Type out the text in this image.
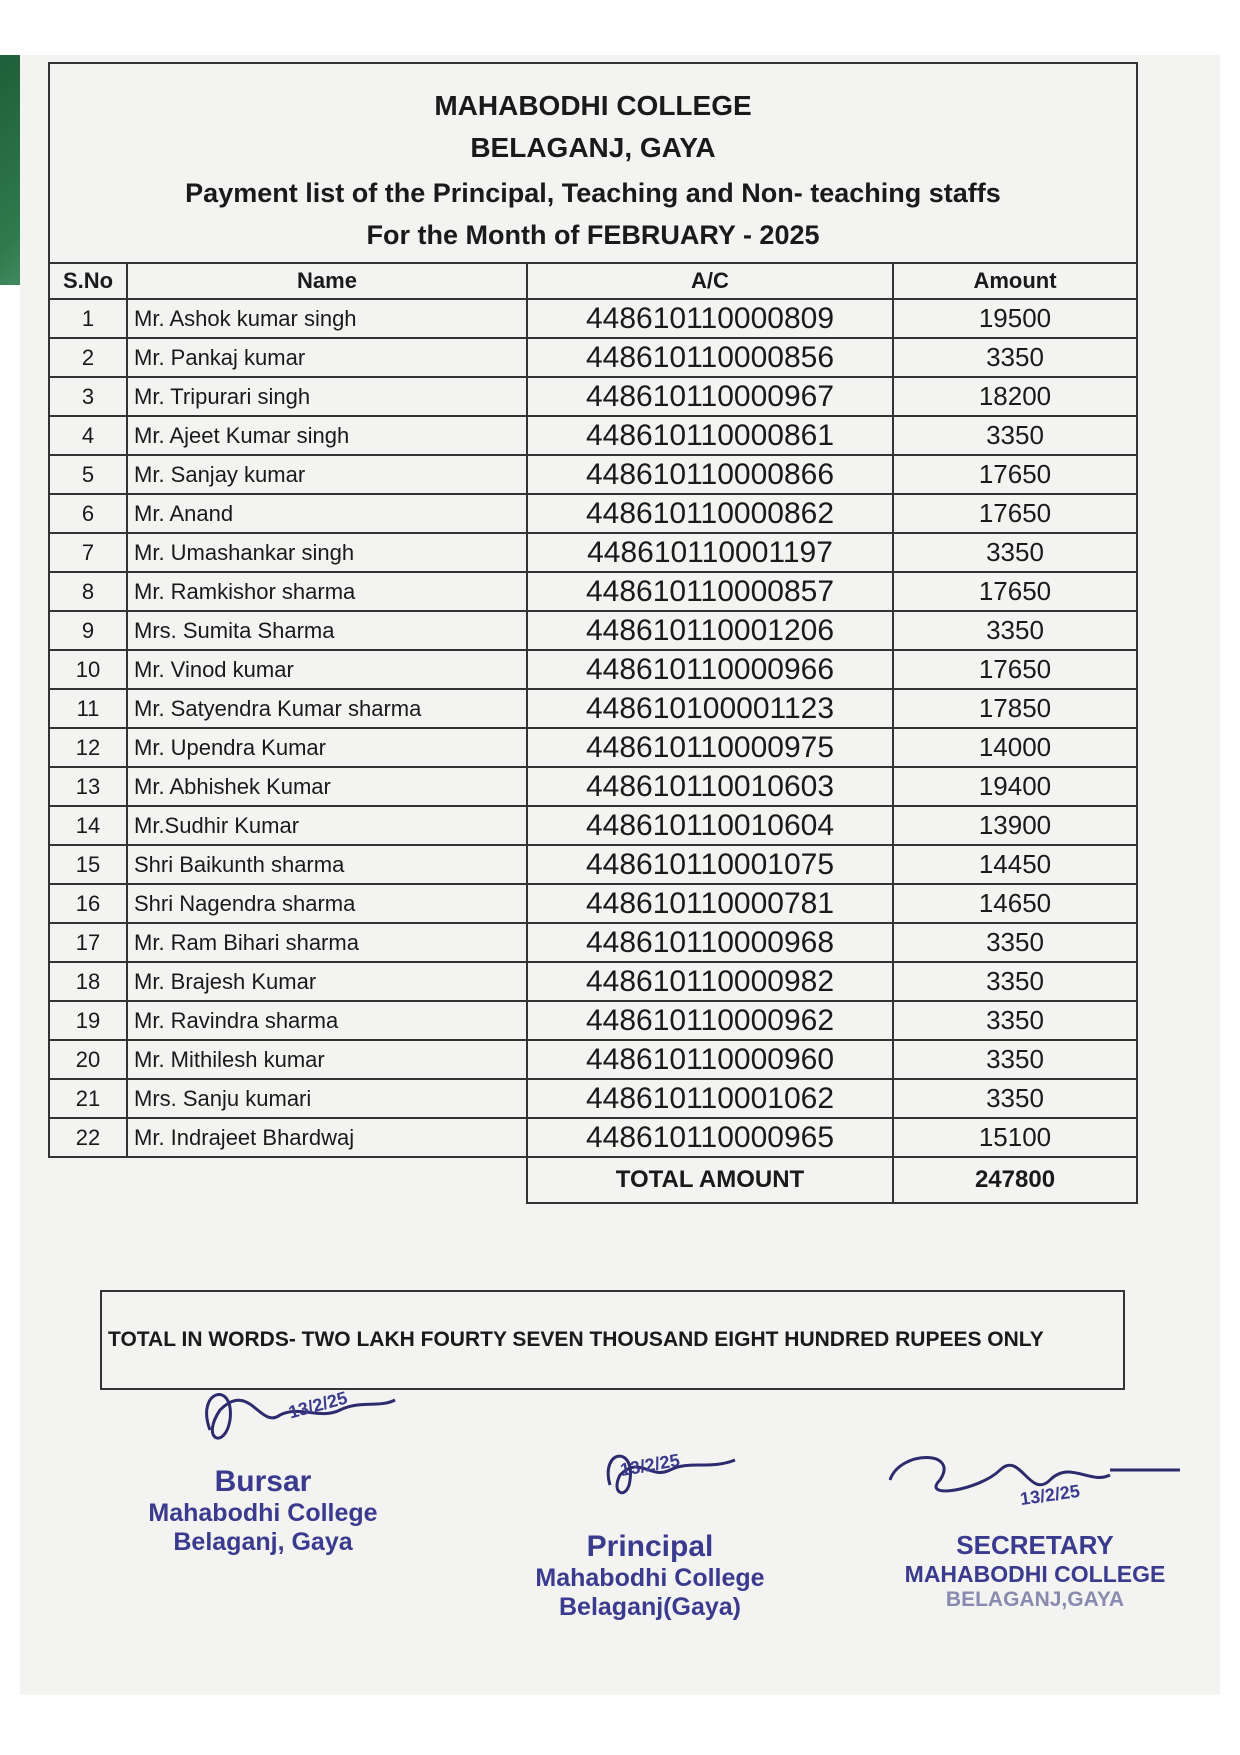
MAHABODHI COLLEGE
BELAGANJ, GAYA
Payment list of the Principal, Teaching and Non- teaching staffs For the Month of FEBRUARY - 2025
S.No	Name	A/C	Amount
1	Mr. Ashok kumar singh	448610110000809	19500
2	Mr. Pankaj kumar	448610110000856	3350
3	Mr. Tripurari singh	448610110000967	18200
4	Mr. Ajeet Kumar singh	448610110000861	3350
5	Mr. Sanjay kumar	448610110000866	17650
6	Mr. Anand	448610110000862	17650
7	Mr. Umashankar singh	448610110001197	3350
8	Mr. Ramkishor sharma	448610110000857	17650
9	Mrs. Sumita Sharma	448610110001206	3350
10	Mr. Vinod kumar	448610110000966	17650
11	Mr. Satyendra Kumar sharma	448610100001123	17850
12	Mr. Upendra Kumar	448610110000975	14000
13	Mr. Abhishek Kumar	448610110010603	19400
14	Mr.Sudhir Kumar	448610110010604	13900
15	Shri Baikunth sharma	448610110001075	14450
16	Shri Nagendra sharma	448610110000781	14650
17	Mr. Ram Bihari sharma	448610110000968	3350
18	Mr. Brajesh Kumar	448610110000982	3350
19	Mr. Ravindra sharma	448610110000962	3350
20	Mr. Mithilesh kumar	448610110000960	3350
21	Mrs. Sanju kumari	448610110001062	3350
22	Mr. Indrajeet Bhardwaj	448610110000965	15100
		TOTAL AMOUNT	247800
TOTAL IN WORDS- TWO LAKH FOURTY SEVEN THOUSAND EIGHT HUNDRED RUPEES ONLY
13/2/25
Bursar
Mahabodhi College
Belaganj, Gaya
13/2/25
Principal
Mahabodhi College
Belaganj(Gaya)
13/2/25
SECRETARY
MAHABODHI COLLEGE
BELAGANJ,GAYA
